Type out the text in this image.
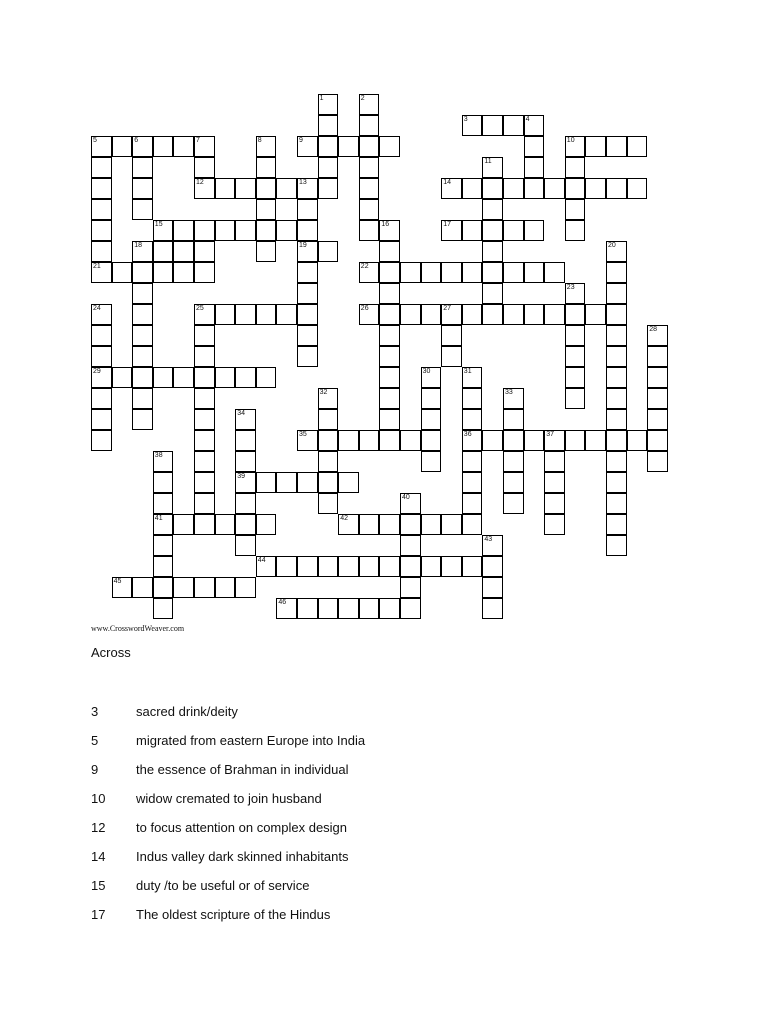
3	4
5	6	7	9	10
12	13	14
15	17
18	19
21	22
25	26	27
29
35	36	37
39
41	42
44
45
46
1	2
8
11
16
20
23
24
28
30	31
32	33
34
38
40
43
www.CrosswordWeaver.com
Across
3	sacred drink/deity
5	migrated from eastern Europe into India
9	the essence of Brahman in individual
10	widow cremated to join husband
12	to focus attention on complex design
14	Indus valley dark skinned inhabitants
15	duty /to be useful or of service
17	The oldest scripture of the Hindus
